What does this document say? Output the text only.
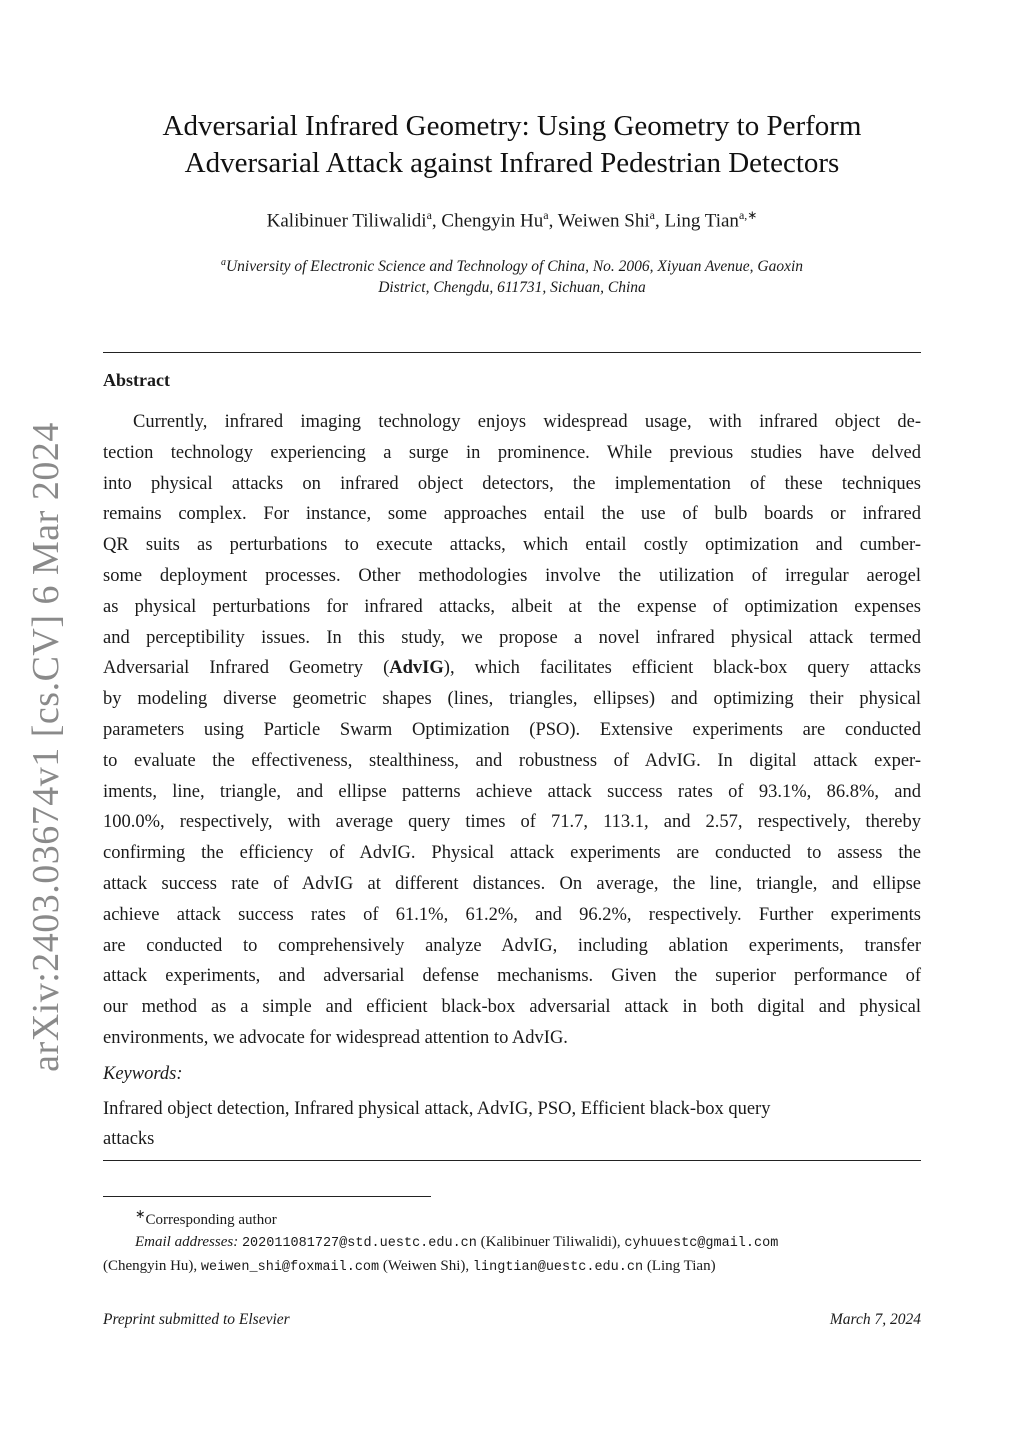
arXiv:2403.03674v1 [cs.CV] 6 Mar 2024
Adversarial Infrared Geometry: Using Geometry to Perform
Adversarial Attack against Infrared Pedestrian Detectors
Kalibinuer Tiliwalidi$^a$, Chengyin Hu$^a$, Weiwen Shi$^a$, Ling Tian$^{a,∗}$
$^a$University of Electronic Science and Technology of China, No. 2006, Xiyuan Avenue, Gaoxin
District, Chengdu, 611731, Sichuan, China
Abstract
Currently, infrared imaging technology enjoys widespread usage, with infrared object de-
tection technology experiencing a surge in prominence. While previous studies have delved
into physical attacks on infrared object detectors, the implementation of these techniques
remains complex. For instance, some approaches entail the use of bulb boards or infrared
QR suits as perturbations to execute attacks, which entail costly optimization and cumber-
some deployment processes. Other methodologies involve the utilization of irregular aerogel
as physical perturbations for infrared attacks, albeit at the expense of optimization expenses
and perceptibility issues. In this study, we propose a novel infrared physical attack termed
Adversarial Infrared Geometry (AdvIG), which facilitates efficient black-box query attacks
by modeling diverse geometric shapes (lines, triangles, ellipses) and optimizing their physical
parameters using Particle Swarm Optimization (PSO). Extensive experiments are conducted
to evaluate the effectiveness, stealthiness, and robustness of AdvIG. In digital attack exper-
iments, line, triangle, and ellipse patterns achieve attack success rates of 93.1%, 86.8%, and
100.0%, respectively, with average query times of 71.7, 113.1, and 2.57, respectively, thereby
confirming the efficiency of AdvIG. Physical attack experiments are conducted to assess the
attack success rate of AdvIG at different distances. On average, the line, triangle, and ellipse
achieve attack success rates of 61.1%, 61.2%, and 96.2%, respectively. Further experiments
are conducted to comprehensively analyze AdvIG, including ablation experiments, transfer
attack experiments, and adversarial defense mechanisms. Given the superior performance of
our method as a simple and efficient black-box adversarial attack in both digital and physical
environments, we advocate for widespread attention to AdvIG.
Keywords:
Infrared object detection, Infrared physical attack, AdvIG, PSO, Efficient black-box query
attacks
∗Corresponding author
Email addresses: 202011081727@std.uestc.edu.cn (Kalibinuer Tiliwalidi), cyhuuestc@gmail.com
(Chengyin Hu), weiwen_shi@foxmail.com (Weiwen Shi), lingtian@uestc.edu.cn (Ling Tian)
Preprint submitted to Elsevier	March 7, 2024
